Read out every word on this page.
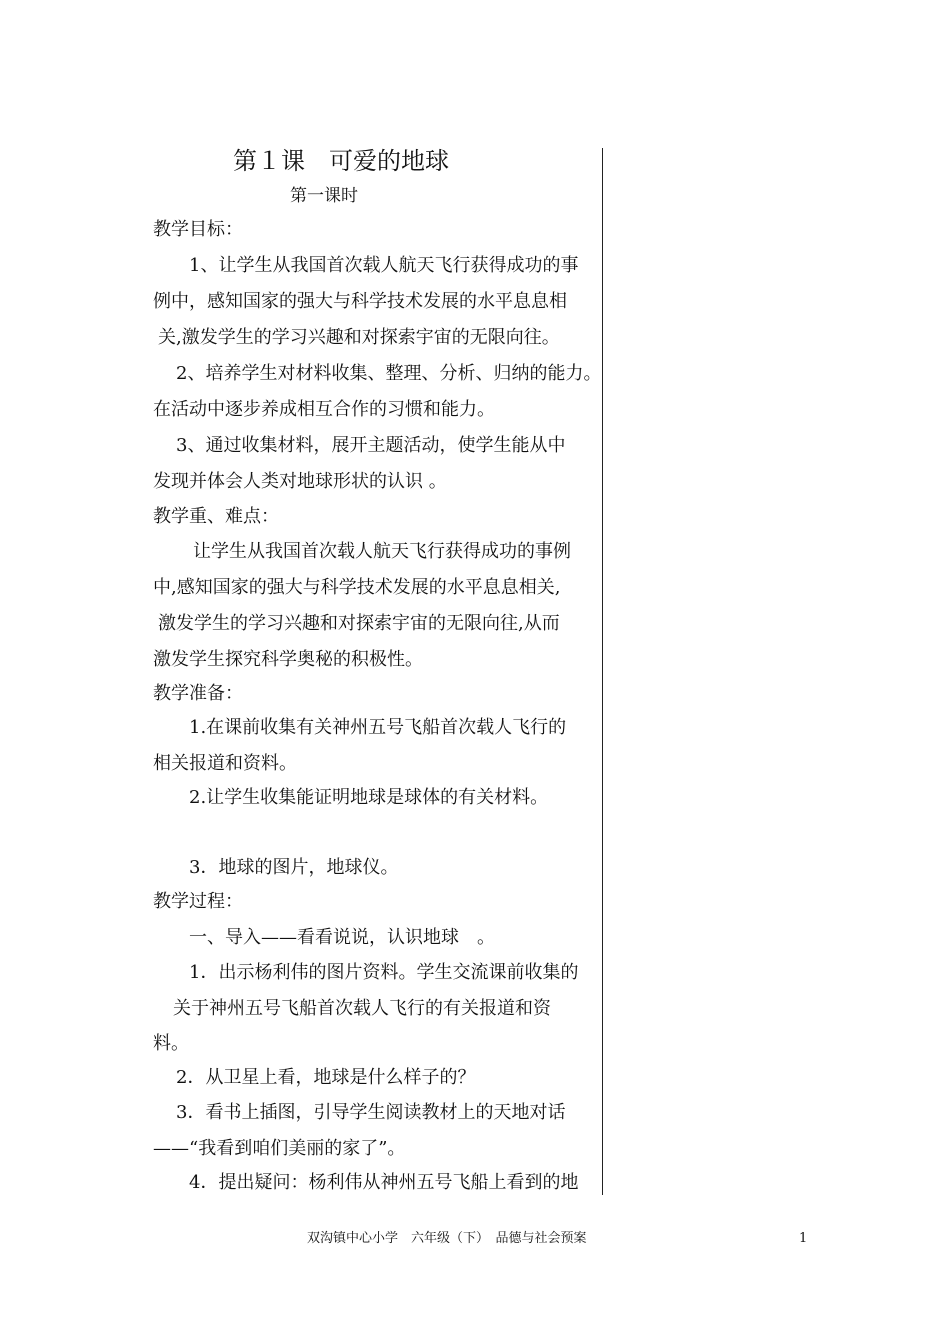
第１课　可爱的地球
第一课时
教学目标：
1、让学生从我国首次载人航天飞行获得成功的事
例中，感知国家的强大与科学技术发展的水平息息相
关,激发学生的学习兴趣和对探索宇宙的无限向往。
2、培养学生对材料收集、整理、分析、归纳的能力。
在活动中逐步养成相互合作的习惯和能力。
3、通过收集材料，展开主题活动，使学生能从中
发现并体会人类对地球形状的认识 。
教学重、难点：
让学生从我国首次载人航天飞行获得成功的事例
中,感知国家的强大与科学技术发展的水平息息相关,
激发学生的学习兴趣和对探索宇宙的无限向往,从而
激发学生探究科学奥秘的积极性。
教学准备：
1.在课前收集有关神州五号飞船首次载人飞行的
相关报道和资料。
2.让学生收集能证明地球是球体的有关材料。
3．地球的图片，地球仪。
教学过程：
一、导入——看看说说，认识地球　。
1．出示杨利伟的图片资料。学生交流课前收集的
关于神州五号飞船首次载人飞行的有关报道和资
料。
2．从卫星上看，地球是什么样子的？
3．看书上插图，引导学生阅读教材上的天地对话
——“我看到咱们美丽的家了”。
4．提出疑问：杨利伟从神州五号飞船上看到的地
双沟镇中心小学　六年级（下）　品德与社会预案	1
